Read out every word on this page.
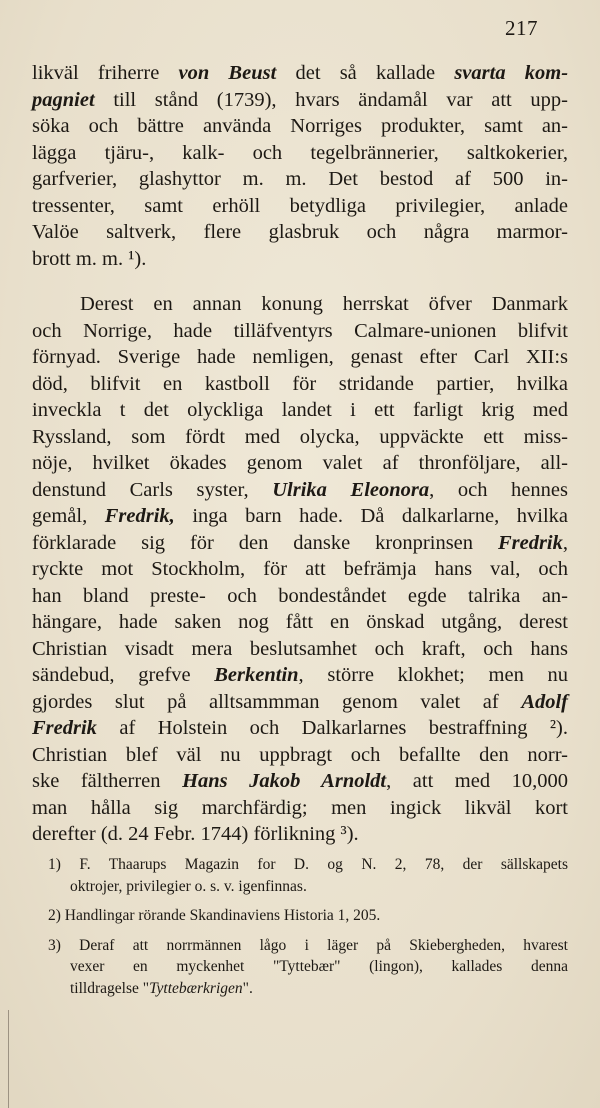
217
likväl friherre von Beust det så kallade svarta kom-
pagniet till stånd (1739), hvars ändamål var att upp-
söka och bättre använda Norriges produkter, samt an-
lägga tjäru-, kalk- och tegelbrännerier, saltkokerier,
garfverier, glashyttor m. m. Det bestod af 500 in-
tressenter, samt erhöll betydliga privilegier, anlade
Valöe saltverk, flere glasbruk och några marmor-
brott m. m. ¹).
Derest en annan konung herrskat öfver Danmark
och Norrige, hade tilläfventyrs Calmare-unionen blifvit
förnyad. Sverige hade nemligen, genast efter Carl XII:s
död, blifvit en kastboll för stridande partier, hvilka
inveckla t det olyckliga landet i ett farligt krig med
Ryssland, som fördt med olycka, uppväckte ett miss-
nöje, hvilket ökades genom valet af thronföljare, all-
denstund Carls syster, Ulrika Eleonora, och hennes
gemål, Fredrik, inga barn hade. Då dalkarlarne, hvilka
förklarade sig för den danske kronprinsen Fredrik,
ryckte mot Stockholm, för att befrämja hans val, och
han bland preste- och bondeståndet egde talrika an-
hängare, hade saken nog fått en önskad utgång, derest
Christian visadt mera beslutsamhet och kraft, och hans
sändebud, grefve Berkentin, större klokhet; men nu
gjordes slut på alltsammman genom valet af Adolf
Fredrik af Holstein och Dalkarlarnes bestraffning ²).
Christian blef väl nu uppbragt och befallte den norr-
ske fältherren Hans Jakob Arnoldt, att med 10,000
man hålla sig marchfärdig; men ingick likväl kort
derefter (d. 24 Febr. 1744) förlikning ³).
1) F. Thaarups Magazin for D. og N. 2, 78, der sällskapets
oktrojer, privilegier o. s. v. igenfinnas.
2) Handlingar rörande Skandinaviens Historia 1, 205.
3) Deraf att norrmännen lågo i läger på Skiebergheden, hvarest
vexer en myckenhet "Tyttebær" (lingon), kallades denna
tilldragelse "Tyttebærkrigen".
